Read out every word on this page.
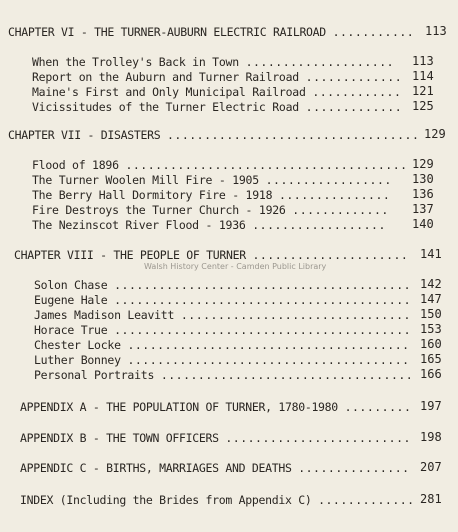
CHAPTER VI - THE TURNER-AUBURN ELECTRIC RAILROAD ........... 113
When the Trolley's Back in Town .................... 113
Report on the Auburn and Turner Railroad ............. 114
Maine's First and Only Municipal Railroad ............ 121
Vicissitudes of the Turner Electric Road ............. 125
CHAPTER VII - DISASTERS .................................. 129
Flood of 1896 ...................................... 129
The Turner Woolen Mill Fire - 1905 ................. 130
The Berry Hall Dormitory Fire - 1918 ............... 136
Fire Destroys the Turner Church - 1926 ............. 137
The Nezinscot River Flood - 1936 .................. 140
CHAPTER VIII - THE PEOPLE OF TURNER ..................... 141
Walsh History Center - Camden Public Library
Solon Chase ........................................ 142
Eugene Hale ........................................ 147
James Madison Leavitt ............................... 150
Horace True ........................................ 153
Chester Locke ...................................... 160
Luther Bonney ...................................... 165
Personal Portraits .................................. 166
APPENDIX A - THE POPULATION OF TURNER, 1780-1980 ......... 197
APPENDIX B - THE TOWN OFFICERS ......................... 198
APPENDIC C - BIRTHS, MARRIAGES AND DEATHS ............... 207
INDEX (Including the Brides from Appendix C) ............. 281
